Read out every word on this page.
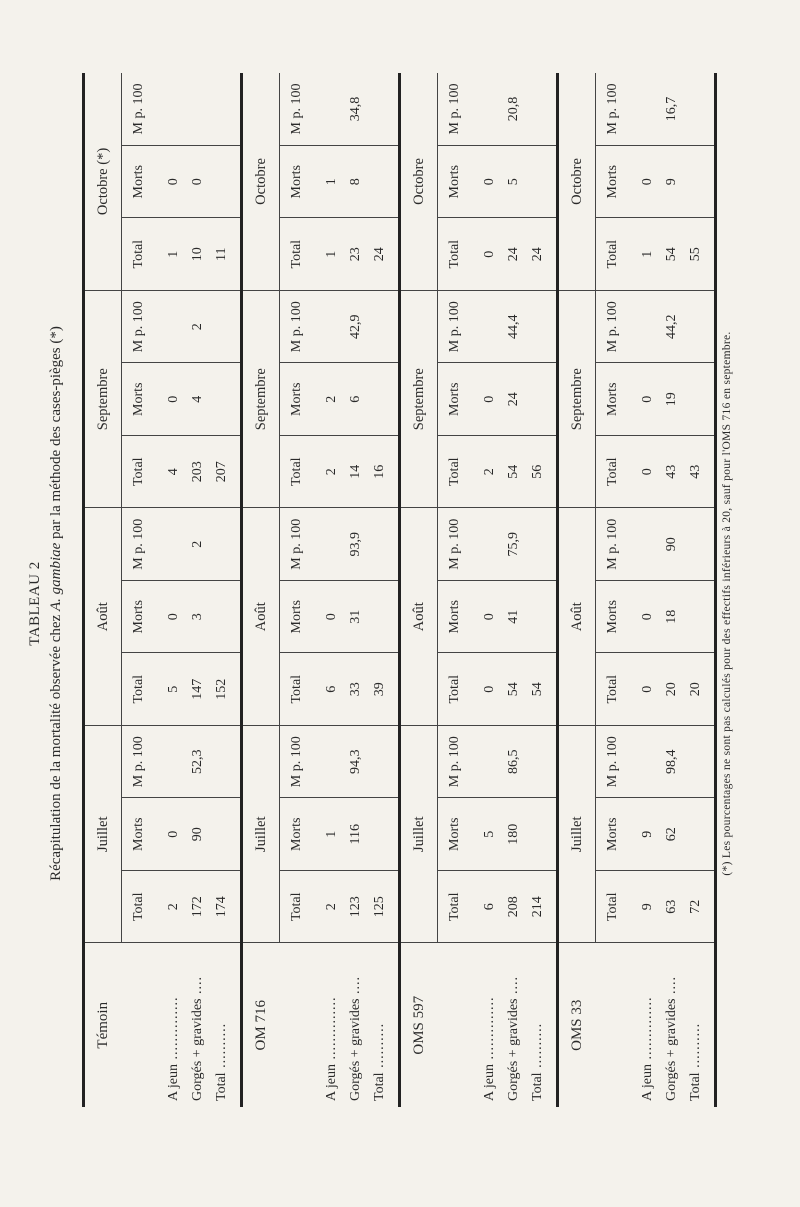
TABLEAU 2
Récapitulation de la mortalité observée chez A. gambiae par la méthode des cases-pièges (*)
Témoin	Juillet			Août			Septembre			Octobre (*)		
	Total	Morts	M p. 100	Total	Morts	M p. 100	Total	Morts	M p. 100	Total	Morts	M p. 100

A jeun ..............	2	0		5	0		4	0		1	0	
Gorgés + gravides ....	172	90	52,3	147	3	2	203	4	2	10	0	
Total ..........	174			152			207			11		
OM 716	Juillet			Août			Septembre			Octobre		
	Total	Morts	M p. 100	Total	Morts	M p. 100	Total	Morts	M p. 100	Total	Morts	M p. 100

A jeun ..............	2	1		6	0		2	2		1	1	
Gorgés + gravides ....	123	116	94,3	33	31	93,9	14	6	42,9	23	8	34,8
Total ..........	125			39			16			24		
OMS 597	Juillet			Août			Septembre			Octobre		
	Total	Morts	M p. 100	Total	Morts	M p. 100	Total	Morts	M p. 100	Total	Morts	M p. 100

A jeun ..............	6	5		0	0		2	0		0	0	
Gorgés + gravides ....	208	180	86,5	54	41	75,9	54	24	44,4	24	5	20,8
Total ..........	214			54			56			24		
OMS 33	Juillet			Août			Septembre			Octobre		
	Total	Morts	M p. 100	Total	Morts	M p. 100	Total	Morts	M p. 100	Total	Morts	M p. 100

A jeun ..............	9	9		0	0		0	0		1	0	
Gorgés + gravides ....	63	62	98,4	20	18	90	43	19	44,2	54	9	16,7
Total ..........	72			20			43			55		

(*) Les pourcentages ne sont pas calculés pour des effectifs inférieurs à 20, sauf pour l'OMS 716 en septembre.
